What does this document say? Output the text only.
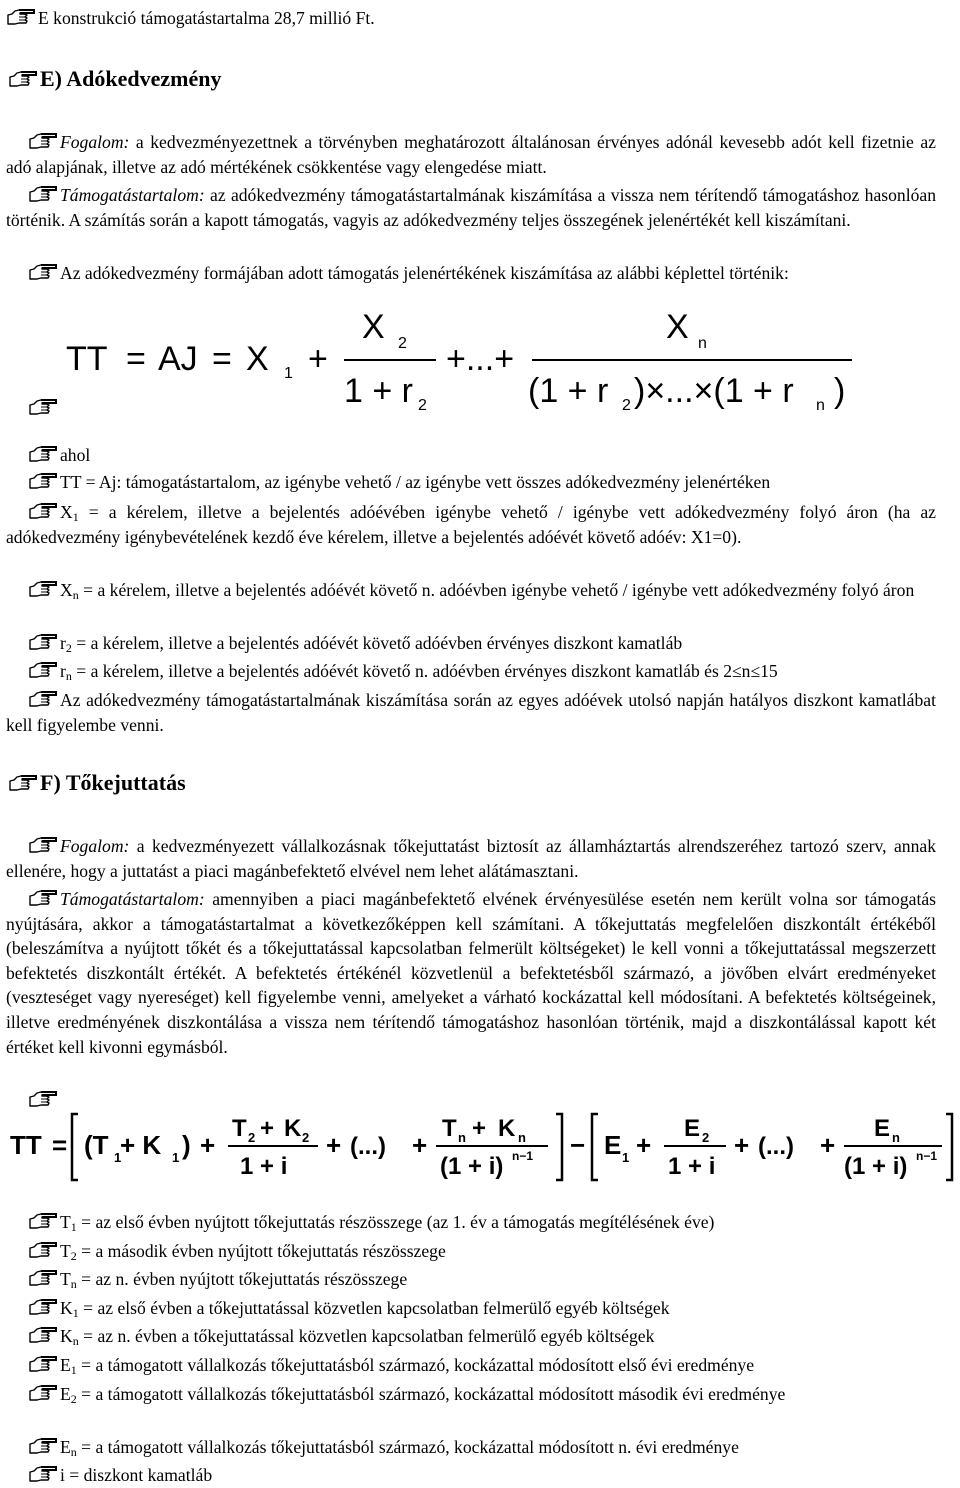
E konstrukció támogatástartalma 28,7 millió Ft.
E) Adókedvezmény
Fogalom: a kedvezményezettnek a törvényben meghatározott általánosan érvényes adónál kevesebb adót kell fizetnie az adó alapjának, illetve az adó mértékének csökkentése vagy elengedése miatt.
Támogatástartalom: az adókedvezmény támogatástartalmának kiszámítása a vissza nem térítendő támogatáshoz hasonlóan történik. A számítás során a kapott támogatás, vagyis az adókedvezmény teljes összegének jelenértékét kell kiszámítani.
Az adókedvezmény formájában adott támogatás jelenértékének kiszámítása az alábbi képlettel történik:
TT = AJ = X 1 +
X 2
1 + r 2
+...+
X n
(1 + r 2 )×...×(1 + r n )
ahol
TT = Aj: támogatástartalom, az igénybe vehető / az igénybe vett összes adókedvezmény jelenértéken
$X_1 = a$ kérelem, illetve a bejelentés adóévében igénybe vehető / igénybe vett adókedvezmény folyó áron (ha az adókedvezmény igénybevételének kezdő éve kérelem, illetve a bejelentés adóévét követő adóév: X1=0).
$X_n = a$ kérelem, illetve a bejelentés adóévét követő n. adóévben igénybe vehető / igénybe vett adókedvezmény folyó áron
$r_2 = a$ kérelem, illetve a bejelentés adóévét követő adóévben érvényes diszkont kamatláb
$r_n = a$ kérelem, illetve a bejelentés adóévét követő n. adóévben érvényes diszkont kamatláb és 2≤n≤15
Az adókedvezmény támogatástartalmának kiszámítása során az egyes adóévek utolsó napján hatályos diszkont kamatlábat kell figyelembe venni.
F) Tőkejuttatás
Fogalom: a kedvezményezett vállalkozásnak tőkejuttatást biztosít az államháztartás alrendszeréhez tartozó szerv, annak ellenére, hogy a juttatást a piaci magánbefektető elvével nem lehet alátámasztani.
Támogatástartalom: amennyiben a piaci magánbefektető elvének érvényesülése esetén nem került volna sor támogatás nyújtására, akkor a támogatástartalmat a következőképpen kell számítani. A tőkejuttatás megfelelően diszkontált értékéből (beleszámítva a nyújtott tőkét és a tőkejuttatással kapcsolatban felmerült költségeket) le kell vonni a tőkejuttatással megszerzett befektetés diszkontált értékét. A befektetés értékénél közvetlenül a befektetésből származó, a jövőben elvárt eredményeket (veszteséget vagy nyereséget) kell figyelembe venni, amelyeket a várható kockázattal kell módosítani. A befektetés költségeinek, illetve eredményének diszkontálása a vissza nem térítendő támogatáshoz hasonlóan történik, majd a diszkontálással kapott két értéket kell kivonni egymásból.
TT = (T 1
+ K 1 ) +
T 2 + K 2
1 + i
+ (...) +
T n + K n
(1 + i) n−1 − E 1 +
E 2
1 + i
+ (...) +
E n
(1 + i) n−1
$T_1$ = az első évben nyújtott tőkejuttatás részösszege (az 1. év a támogatás megítélésének éve)
$T_2 = a$ második évben nyújtott tőkejuttatás részösszege
$T_n$ = az n. évben nyújtott tőkejuttatás részösszege
$K_1$ = az első évben a tőkejuttatással közvetlen kapcsolatban felmerülő egyéb költségek
$K_n$ = az n. évben a tőkejuttatással közvetlen kapcsolatban felmerülő egyéb költségek
$E_1 = a$ támogatott vállalkozás tőkejuttatásból származó, kockázattal módosított első évi eredménye
$E_2 = a$ támogatott vállalkozás tőkejuttatásból származó, kockázattal módosított második évi eredménye
$E_n = a$ támogatott vállalkozás tőkejuttatásból származó, kockázattal módosított n. évi eredménye
i = diszkont kamatláb
